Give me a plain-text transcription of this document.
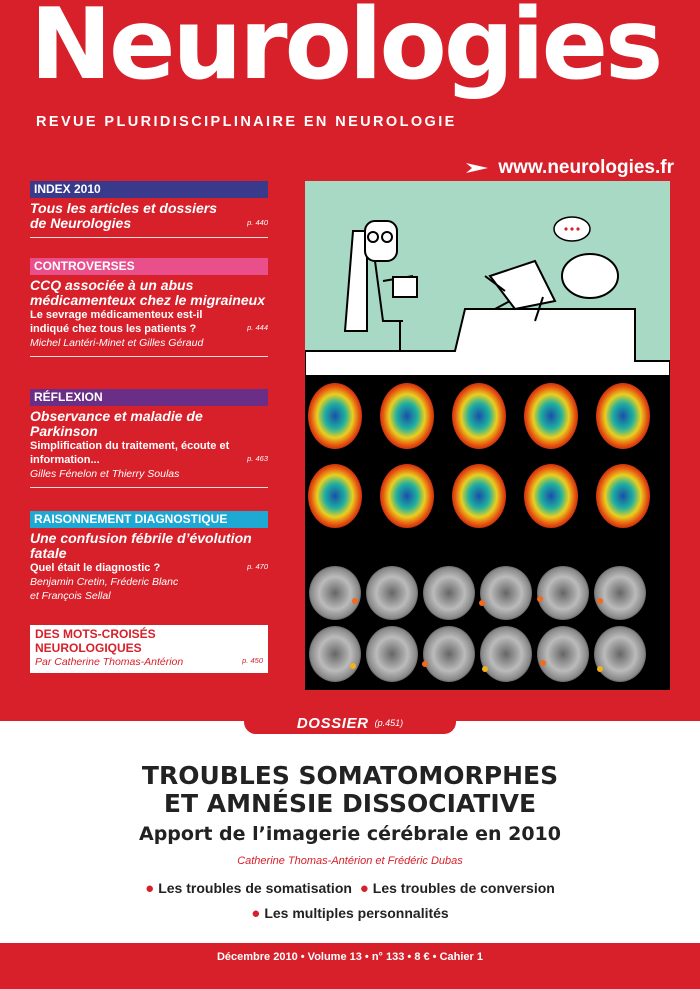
Neurologies
REVUE PLURIDISCIPLINAIRE EN NEUROLOGIE
www.neurologies.fr
INDEX 2010
Tous les articles et dossiers de Neurologies	p. 440
CONTROVERSES
CCQ associée à un abus médicamenteux chez le migraineux
Le sevrage médicamenteux est-il indiqué chez tous les patients ?	p. 444
Michel Lantéri-Minet et Gilles Géraud
RÉFLEXION
Observance et maladie de Parkinson
Simplification du traitement, écoute et information...	p. 463
Gilles Fénelon et Thierry Soulas
RAISONNEMENT DIAGNOSTIQUE
Une confusion fébrile d’évolution fatale
Quel était le diagnostic ?	p. 470
Benjamin Cretin, Fréderic Blanc
et François Sellal
DES MOTS-CROISÉS
NEUROLOGIQUES
Par Catherine Thomas-Antérion	p. 450
DOSSIER (p.451)
TROUBLES SOMATOMORPHES
ET AMNÉSIE DISSOCIATIVE
Apport de l’imagerie cérébrale en 2010
Catherine Thomas-Antérion et Frédéric Dubas
● Les troubles de somatisation ● Les troubles de conversion
● Les multiples personnalités
Décembre 2010 • Volume 13 • n° 133 • 8 € • Cahier 1
